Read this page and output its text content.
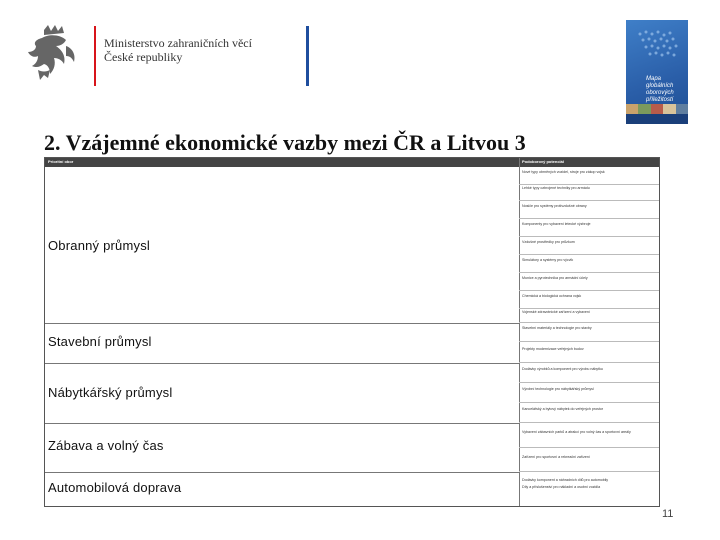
Ministerstvo zahraničních věcí
České republiky
Mapa
globálních
oborových
příležitostí
2. Vzájemné ekonomické vazby mezi ČR a Litvou 3
Prioritní obor	Podoborový potenciál
Obranný průmysl
Nové typy obrněných vozidel, stroje pro zákop vojsk
Lehké typy ozbrojené techniky pro armádu
Nosiče pro systémy protivzdušné obrany
Komponenty pro vybavení letecké výzbroje
Vzdušné prostředky pro průzkum
Simulátory a systémy pro výcvik
Munice a pyrotechnika pro armádní účely
Chemická a biologická ochrana vojsk
Vojenské zdravotnické zařízení a vybavení
Stavební průmysl
Stavební materiály a technologie pro stavby
Projekty modernizace veřejných budov
Nábytkářský průmysl
Dodávky výrobků a komponent pro výrobu nábytku
Výrobní technologie pro nábytkářský průmysl
Kancelářský a bytový nábytek do veřejných prostor
Zábava a volný čas
Vybavení zábavních parků a atrakcí pro volný čas a sportovní areály
Zařízení pro sportovní a rekreační zařízení
Automobilová doprava	Dodávky komponent a náhradních dílů pro automobily
Díly a příslušenství pro nákladní a osobní vozidla
11
